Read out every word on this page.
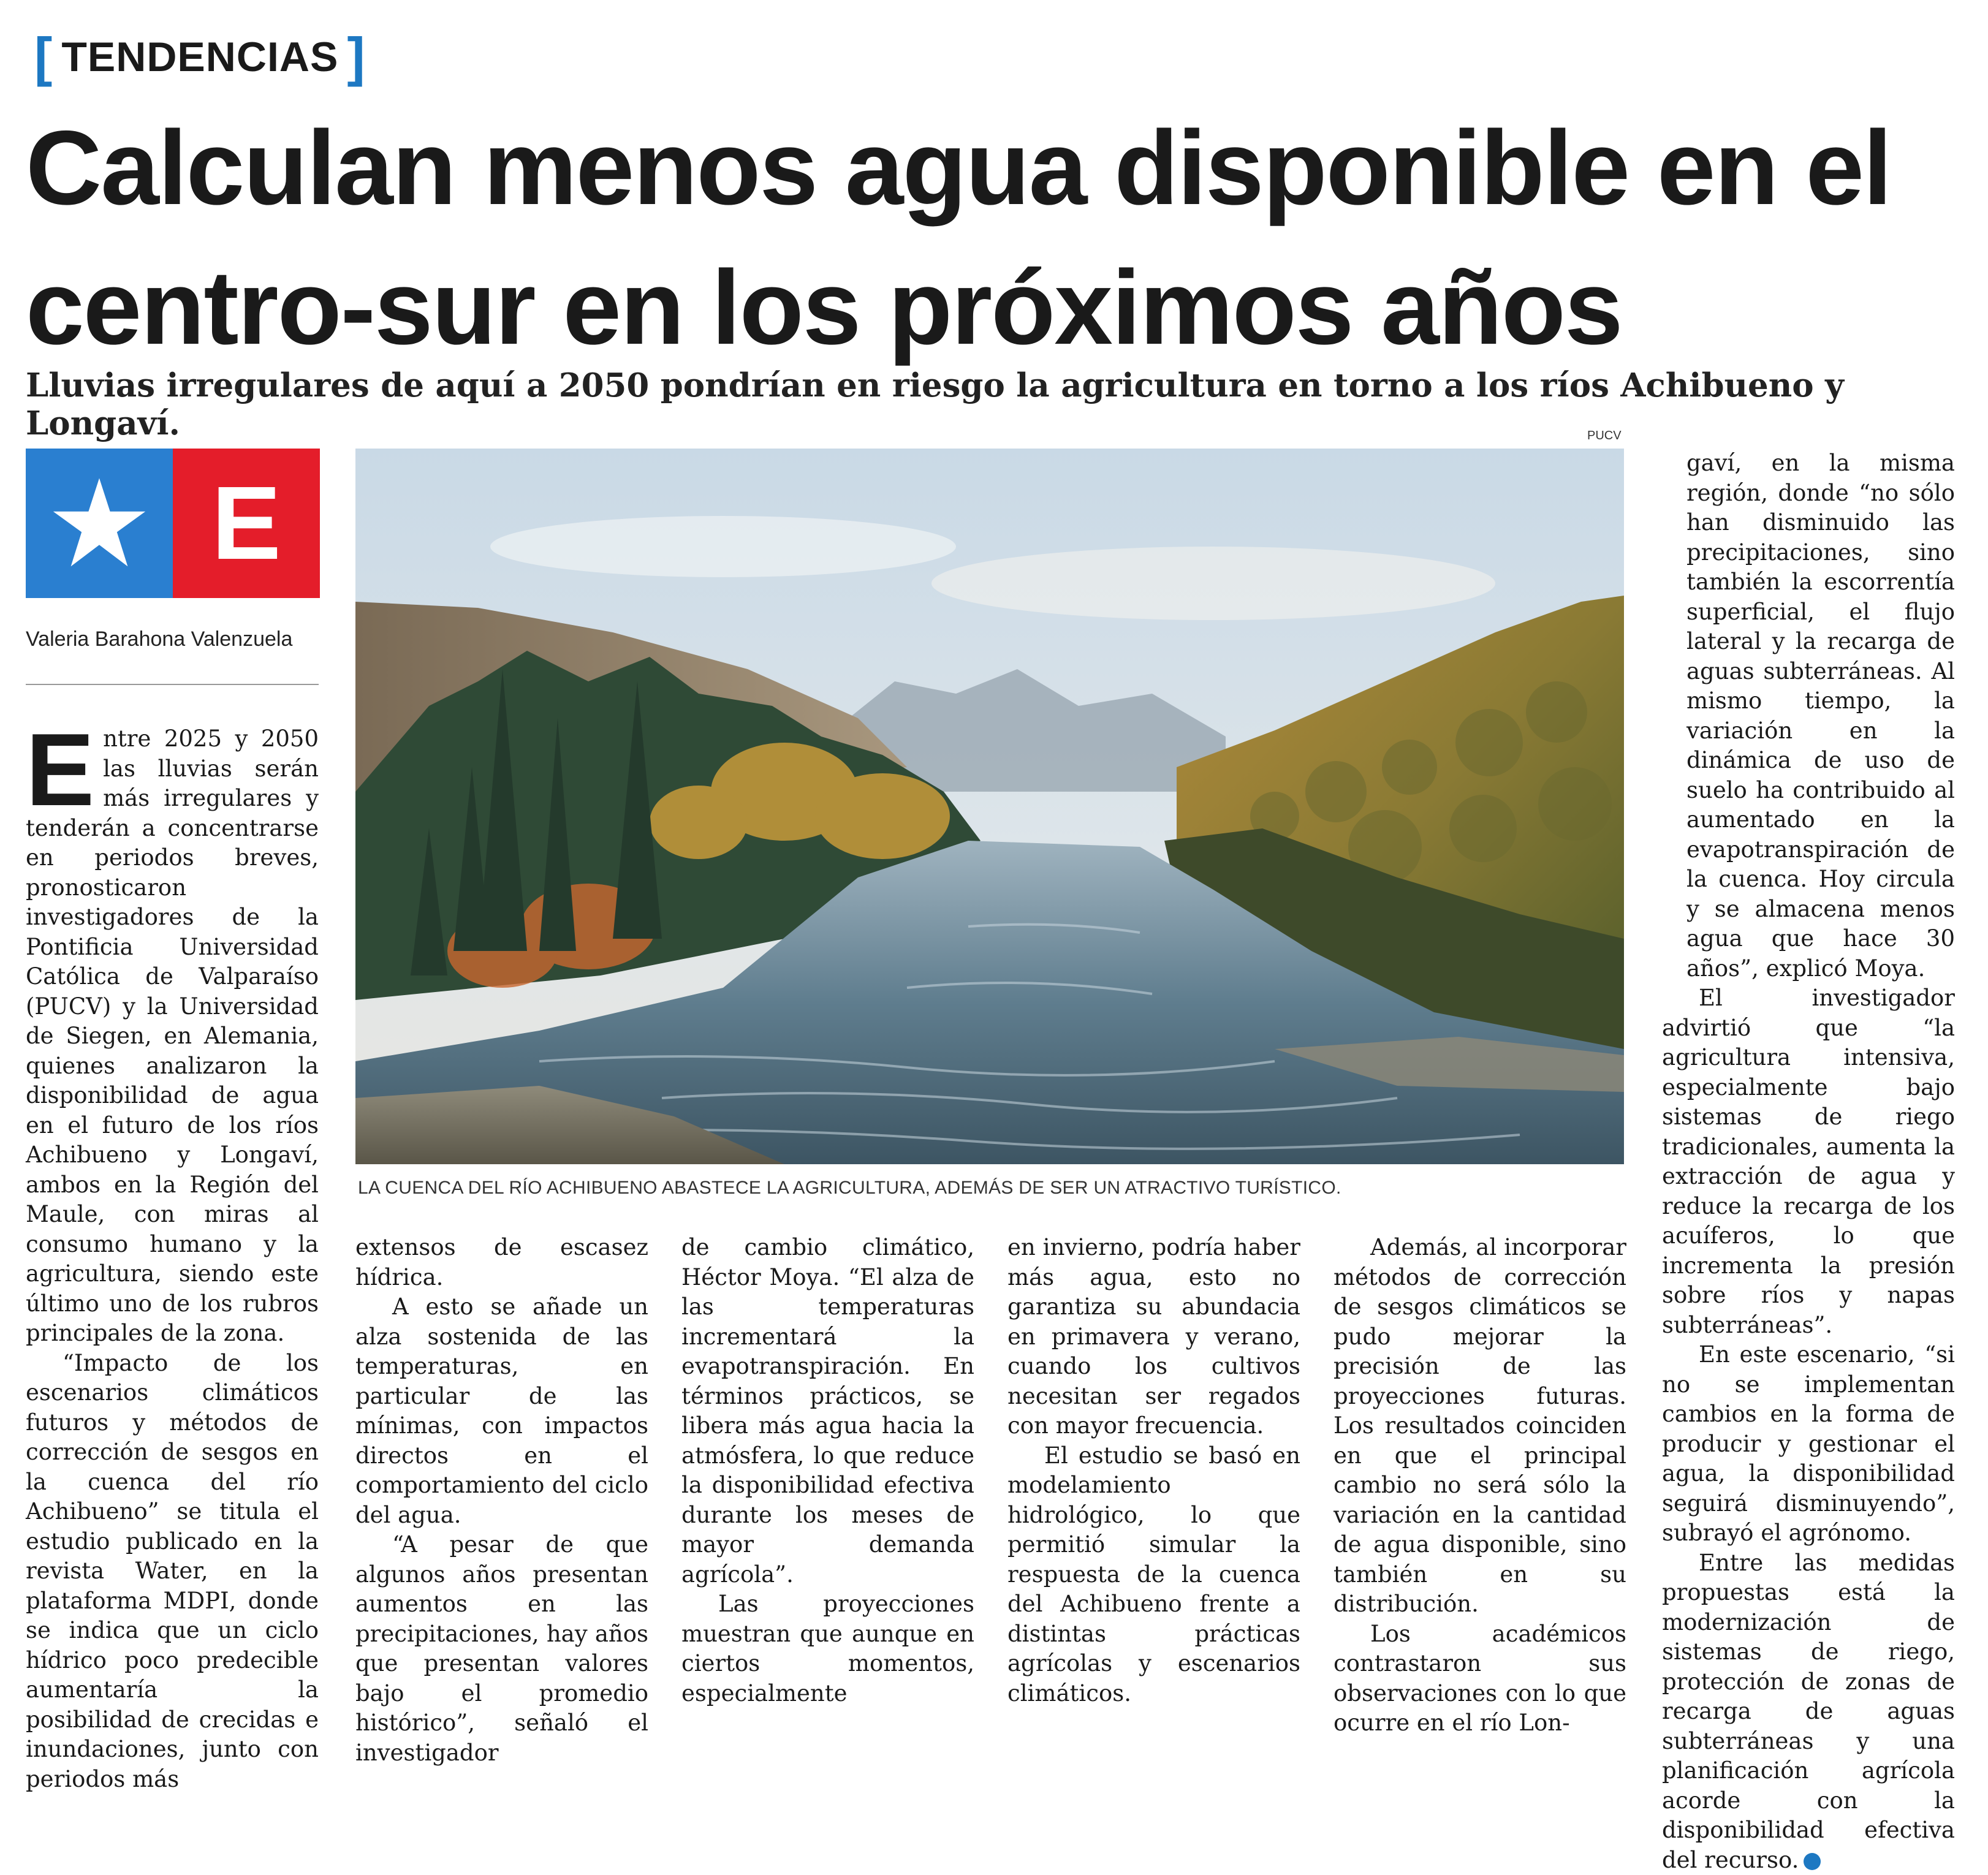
[ TENDENCIAS ]
Calculan menos agua disponible en el
centro-sur en los próximos años
Lluvias irregulares de aquí a 2050 pondrían en riesgo la agricultura en torno a los ríos Achibueno y Longaví.
E
Valeria Barahona Valenzuela
PUCV
LA CUENCA DEL RÍO ACHIBUENO ABASTECE LA AGRICULTURA, ADEMÁS DE SER UN ATRACTIVO TURÍSTICO.

Entre 2025 y 2050 las lluvias serán más irregulares y tenderán a concentrarse en periodos breves, pronosticaron investigadores de la Pontificia Universidad Católica de Valparaíso (PUCV) y la Universidad de Siegen, en Alemania, quienes analizaron la disponibilidad de agua en el futuro de los ríos Achibueno y Longaví, ambos en la Región del Maule, con miras al consumo humano y la agricultura, siendo este último uno de los rubros principales de la zona.

“Impacto de los escenarios climáticos futuros y métodos de corrección de sesgos en la cuenca del río Achibueno” se titula el estudio publicado en la revista Water, en la plataforma MDPI, donde se indica que un ciclo hídrico poco predecible aumentaría la posibilidad de crecidas e inundaciones, junto con periodos más

extensos de escasez hídrica.

A esto se añade un alza sostenida de las temperaturas, en particular de las mínimas, con impactos directos en el comportamiento del ciclo del agua.

“A pesar de que algunos años presentan aumentos en las precipitaciones, hay años que presentan valores bajo el promedio histórico”, señaló el investigador

de cambio climático, Héctor Moya. “El alza de las temperaturas incrementará la evapotranspiración. En términos prácticos, se libera más agua hacia la atmósfera, lo que reduce la disponibilidad efectiva durante los meses de mayor demanda agrícola”.

Las proyecciones muestran que aunque en ciertos momentos, especialmente

en invierno, podría haber más agua, esto no garantiza su abundacia en primavera y verano, cuando los cultivos necesitan ser regados con mayor frecuencia.

El estudio se basó en modelamiento hidrológico, lo que permitió simular la respuesta de la cuenca del Achibueno frente a distintas prácticas agrícolas y escenarios climáticos.

Además, al incorporar métodos de corrección de sesgos climáticos se pudo mejorar la precisión de las proyecciones futuras. Los resultados coinciden en que el principal cambio no será sólo la variación en la cantidad de agua disponible, sino también en su distribución.

Los académicos contrastaron sus observaciones con lo que ocurre en el río Lon-

gaví, en la misma región, donde “no sólo han disminuido las precipitaciones, sino también la escorrentía superficial, el flujo lateral y la recarga de aguas subterráneas. Al mismo tiempo, la variación en la dinámica de uso de suelo ha contribuido al aumentado en la evapotranspiración de la cuenca. Hoy circula y se almacena menos agua que hace 30 años”, explicó Moya.

El investigador advirtió que “la agricultura intensiva, especialmente bajo sistemas de riego tradicionales, aumenta la extracción de agua y reduce la recarga de los acuíferos, lo que incrementa la presión sobre ríos y napas subterráneas”.

En este escenario, “si no se implementan cambios en la forma de producir y gestionar el agua, la disponibilidad seguirá disminuyendo”, subrayó el agrónomo.

Entre las medidas propuestas está la modernización de sistemas de riego, protección de zonas de recarga de aguas subterráneas y una planificación agrícola acorde con la disponibilidad efectiva del recurso.	✪
